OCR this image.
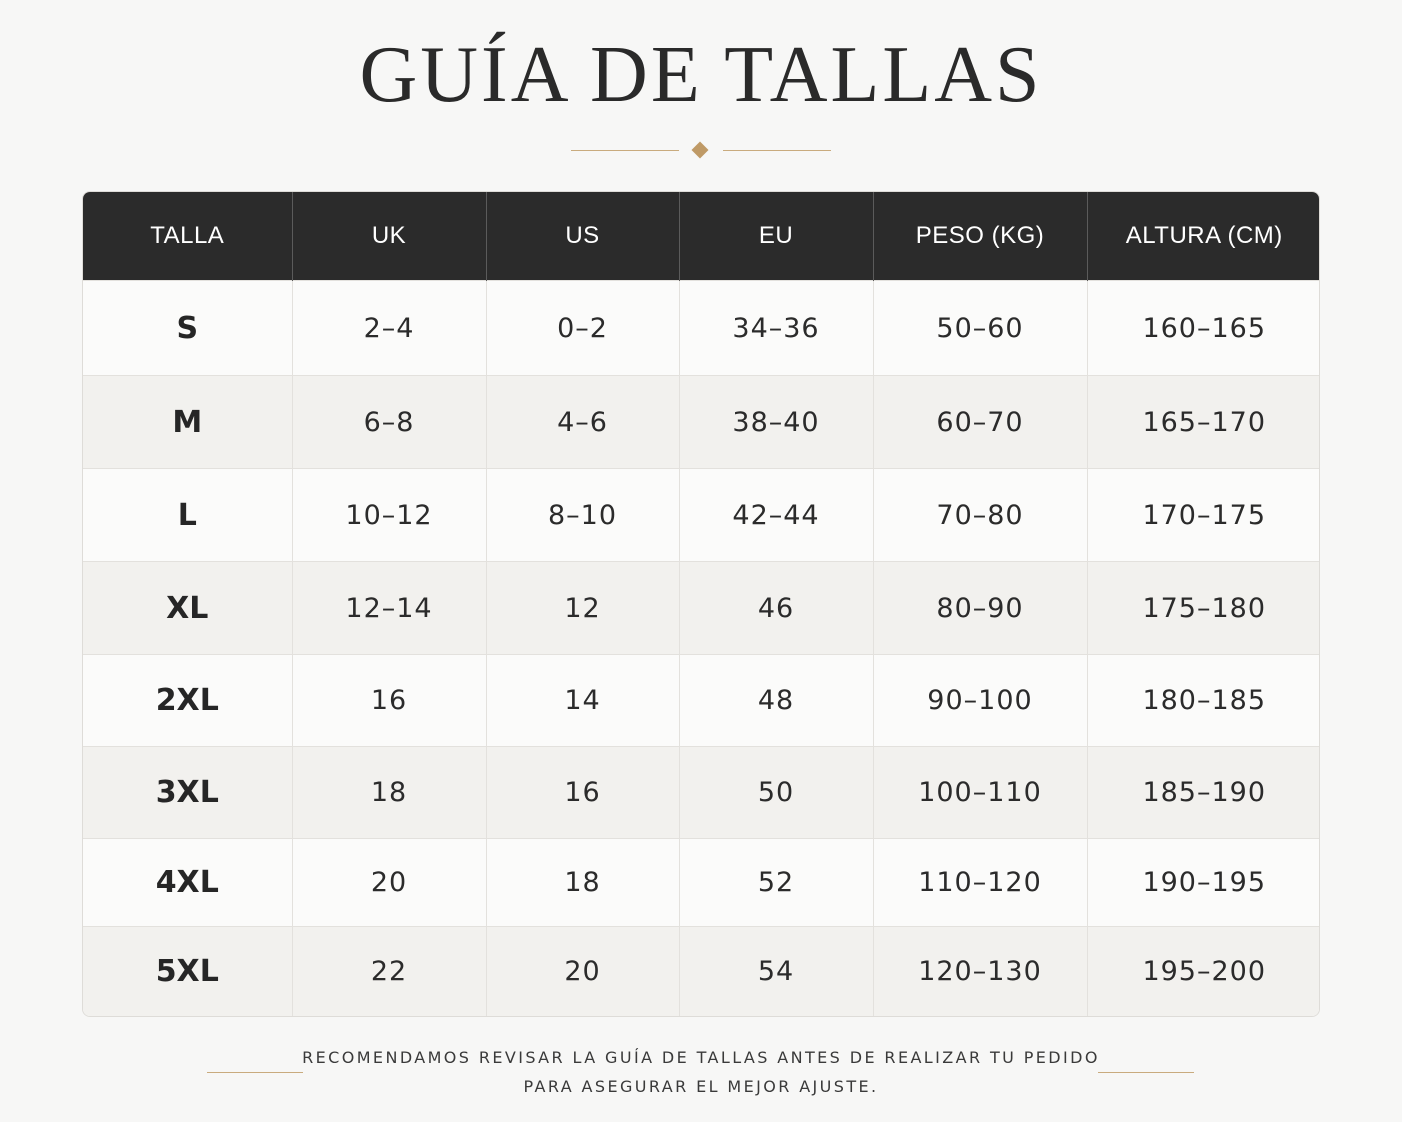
GUÍA DE TALLAS
TALLA	UK	US	EU	PESO (KG)	ALTURA (CM)
S	2–4	0–2	34–36	50–60	160–165
M	6–8	4–6	38–40	60–70	165–170
L	10–12	8–10	42–44	70–80	170–175
XL	12–14	12	46	80–90	175–180
2XL	16	14	48	90–100	180–185
3XL	18	16	50	100–110	185–190
4XL	20	18	52	110–120	190–195
5XL	22	20	54	120–130	195–200
RECOMENDAMOS REVISAR LA GUÍA DE TALLAS ANTES DE REALIZAR TU PEDIDO
PARA ASEGURAR EL MEJOR AJUSTE.
